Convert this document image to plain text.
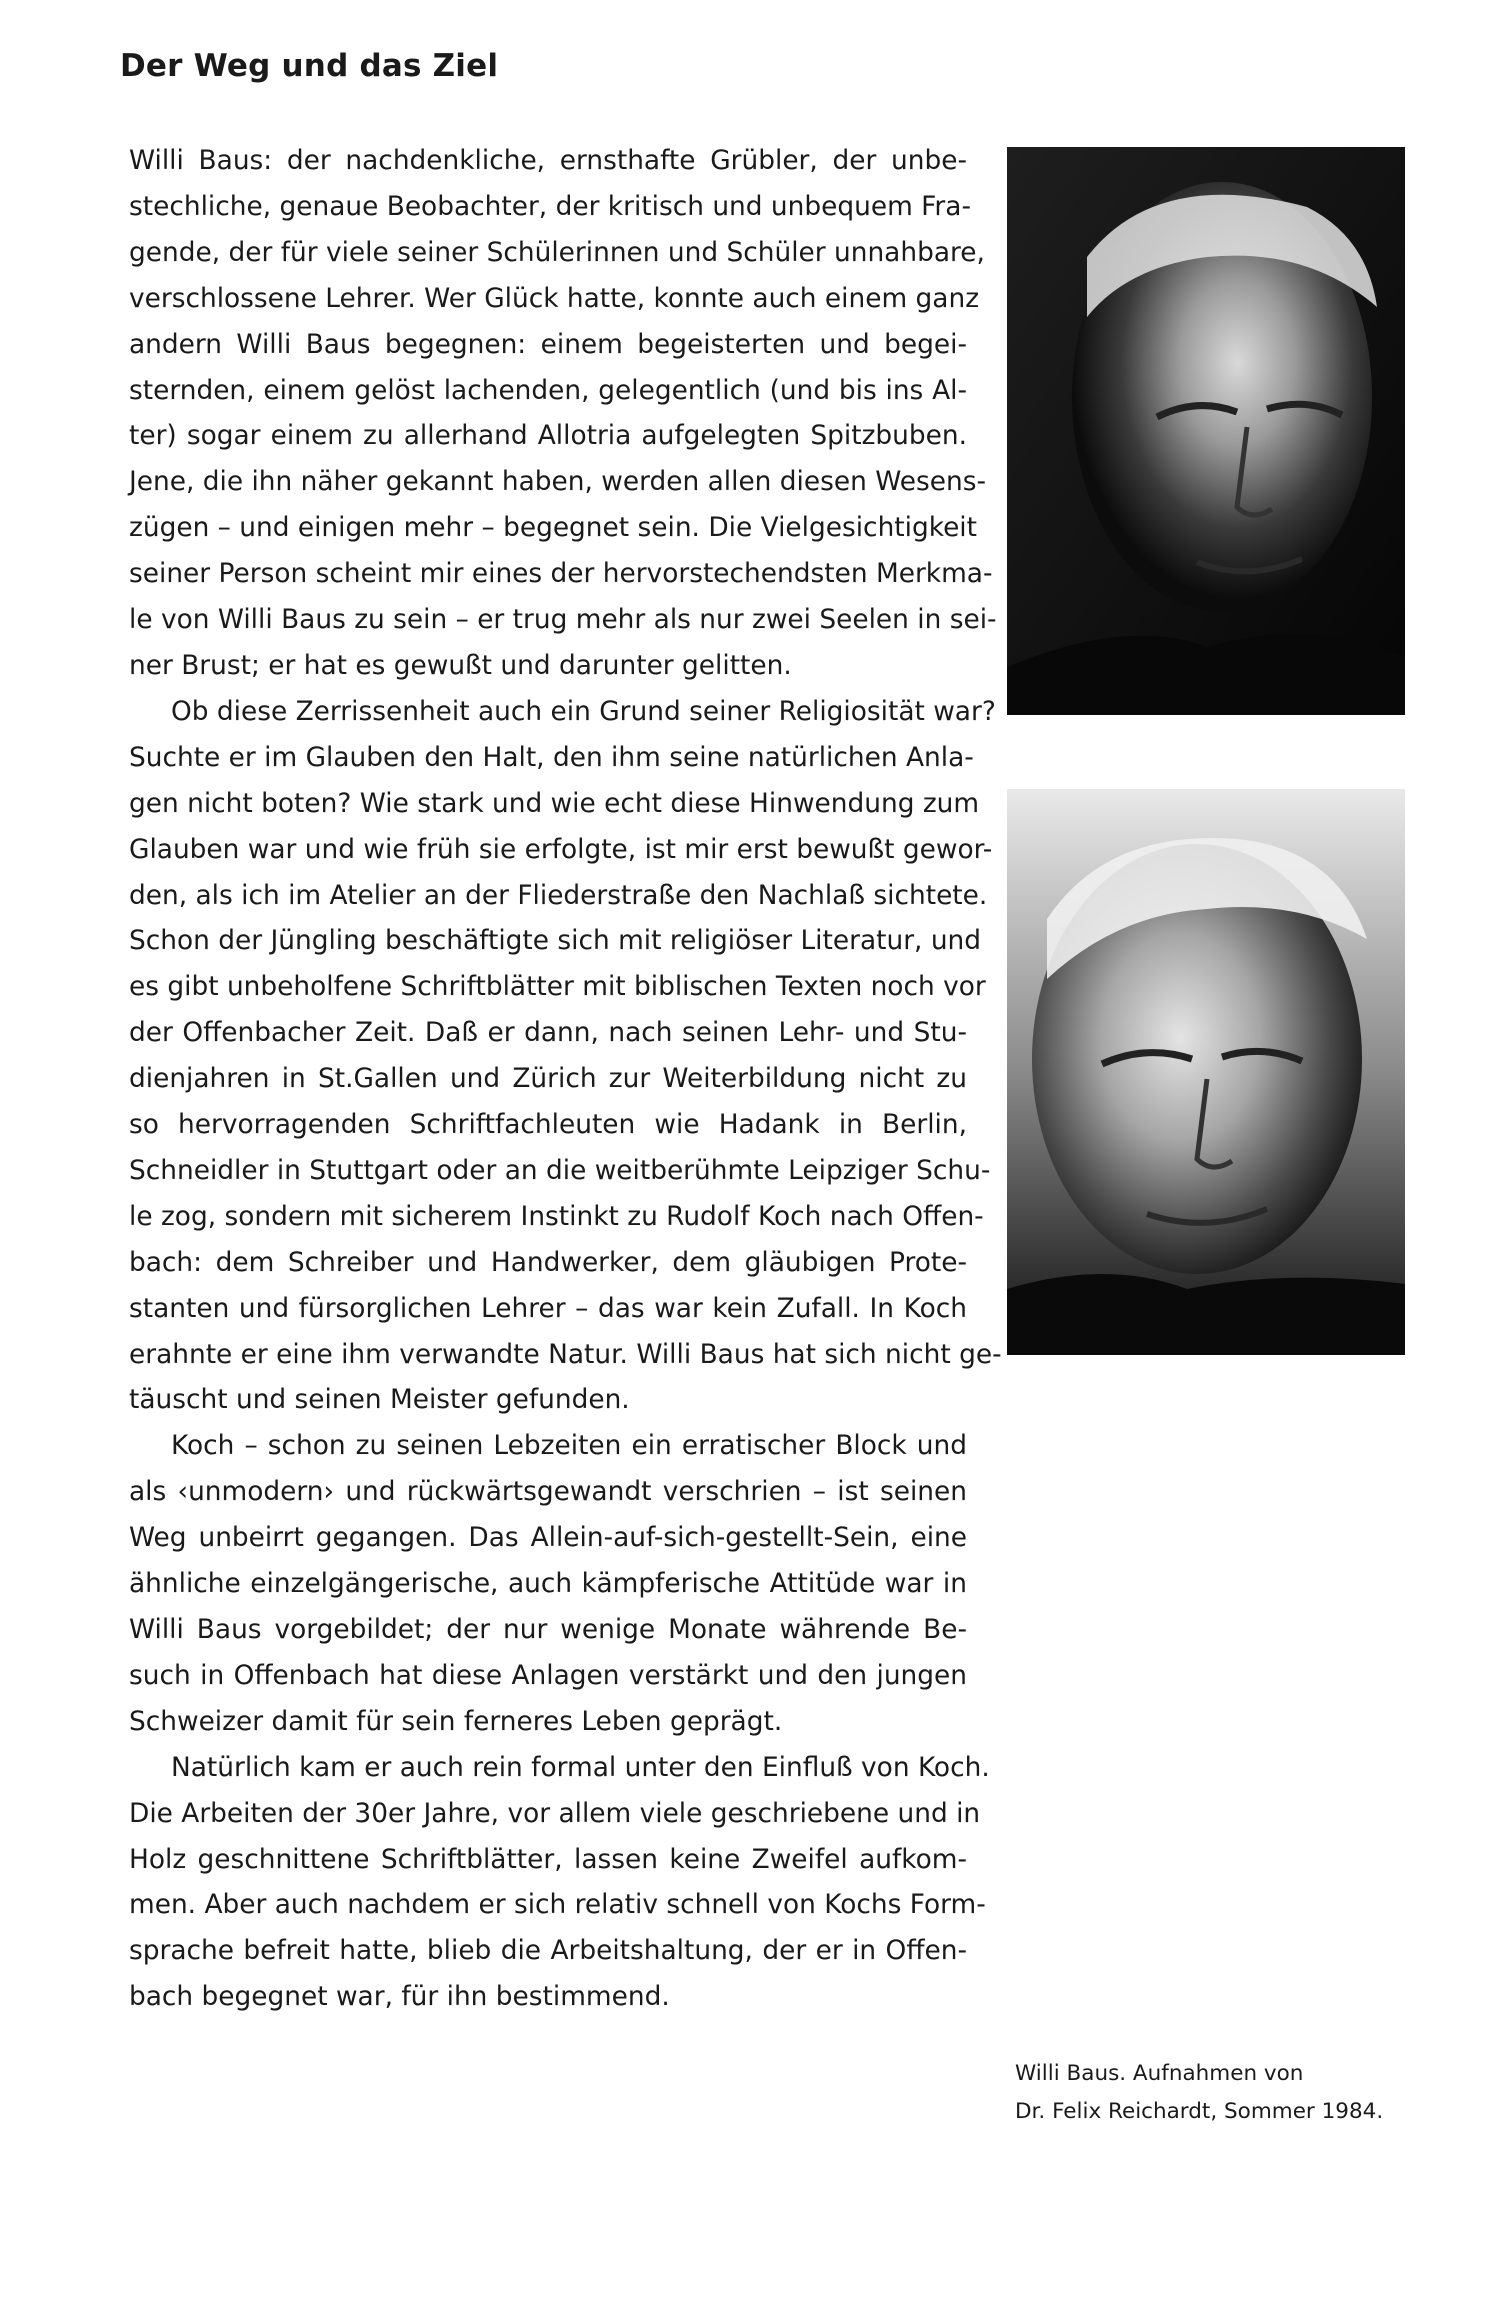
Der Weg und das Ziel

Willi Baus: der nachdenkliche, ernsthafte Grübler, der unbe-
stechliche, genaue Beobachter, der kritisch und unbequem Fra-
gende, der für viele seiner Schülerinnen und Schüler unnahbare,
verschlossene Lehrer. Wer Glück hatte, konnte auch einem ganz
andern Willi Baus begegnen: einem begeisterten und begei-
sternden, einem gelöst lachenden, gelegentlich (und bis ins Al-
ter) sogar einem zu allerhand Allotria aufgelegten Spitzbuben.
Jene, die ihn näher gekannt haben, werden allen diesen Wesens-
zügen – und einigen mehr – begegnet sein. Die Vielgesichtigkeit
seiner Person scheint mir eines der hervorstechendsten Merkma-
le von Willi Baus zu sein – er trug mehr als nur zwei Seelen in sei-
ner Brust; er hat es gewußt und darunter gelitten.

Ob diese Zerrissenheit auch ein Grund seiner Religiosität war?
Suchte er im Glauben den Halt, den ihm seine natürlichen Anla-
gen nicht boten? Wie stark und wie echt diese Hinwendung zum
Glauben war und wie früh sie erfolgte, ist mir erst bewußt gewor-
den, als ich im Atelier an der Fliederstraße den Nachlaß sichtete.
Schon der Jüngling beschäftigte sich mit religiöser Literatur, und
es gibt unbeholfene Schriftblätter mit biblischen Texten noch vor
der Offenbacher Zeit. Daß er dann, nach seinen Lehr- und Stu-
dienjahren in St.Gallen und Zürich zur Weiterbildung nicht zu
so hervorragenden Schriftfachleuten wie Hadank in Berlin,
Schneidler in Stuttgart oder an die weitberühmte Leipziger Schu-
le zog, sondern mit sicherem Instinkt zu Rudolf Koch nach Offen-
bach: dem Schreiber und Handwerker, dem gläubigen Prote-
stanten und fürsorglichen Lehrer – das war kein Zufall. In Koch
erahnte er eine ihm verwandte Natur. Willi Baus hat sich nicht ge-
täuscht und seinen Meister gefunden.

Koch – schon zu seinen Lebzeiten ein erratischer Block und
als ‹unmodern› und rückwärtsgewandt verschrien – ist seinen
Weg unbeirrt gegangen. Das Allein-auf-sich-gestellt-Sein, eine
ähnliche einzelgängerische, auch kämpferische Attitüde war in
Willi Baus vorgebildet; der nur wenige Monate währende Be-
such in Offenbach hat diese Anlagen verstärkt und den jungen
Schweizer damit für sein ferneres Leben geprägt.

Natürlich kam er auch rein formal unter den Einfluß von Koch.
Die Arbeiten der 30er Jahre, vor allem viele geschriebene und in
Holz geschnittene Schriftblätter, lassen keine Zweifel aufkom-
men. Aber auch nachdem er sich relativ schnell von Kochs Form-
sprache befreit hatte, blieb die Arbeitshaltung, der er in Offen-
bach begegnet war, für ihn bestimmend.

Willi Baus. Aufnahmen von
Dr. Felix Reichardt, Sommer 1984.
